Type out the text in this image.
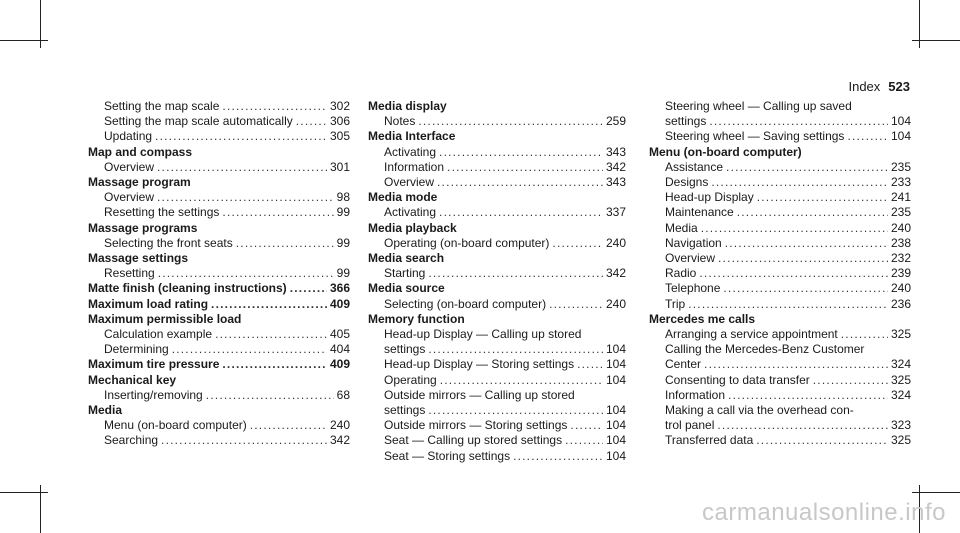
Index 523
Setting the map scale .....	302
Setting the map scale automatically .....	306
Updating .....	305
Map and compass
Overview .....	301
Massage program
Overview .....	98
Resetting the settings .....	99
Massage programs
Selecting the front seats .....	99
Massage settings
Resetting .....	99
Matte finish (cleaning instructions) .....	366
Maximum load rating .....	409
Maximum permissible load
Calculation example .....	405
Determining .....	404
Maximum tire pressure .....	409
Mechanical key
Inserting/removing .....	68
Media
Menu (on-board computer) .....	240
Searching .....	342
Media display
Notes .....	259
Media Interface
Activating .....	343
Information .....	342
Overview .....	343
Media mode
Activating .....	337
Media playback
Operating (on-board computer) .....	240
Media search
Starting .....	342
Media source
Selecting (on-board computer) .....	240
Memory function
Head-up Display — Calling up stored
settings .....	104
Head-up Display — Storing settings .....	104
Operating .....	104
Outside mirrors — Calling up stored
settings .....	104
Outside mirrors — Storing settings .....	104
Seat — Calling up stored settings .....	104
Seat — Storing settings .....	104
Steering wheel — Calling up saved
settings .....	104
Steering wheel — Saving settings .....	104
Menu (on-board computer)
Assistance .....	235
Designs .....	233
Head-up Display .....	241
Maintenance .....	235
Media .....	240
Navigation .....	238
Overview .....	232
Radio .....	239
Telephone .....	240
Trip .....	236
Mercedes me calls
Arranging a service appointment .....	325
Calling the Mercedes-Benz Customer
Center .....	324
Consenting to data transfer .....	325
Information .....	324
Making a call via the overhead con-
trol panel .....	323
Transferred data .....	325
carmanualsonline.info
